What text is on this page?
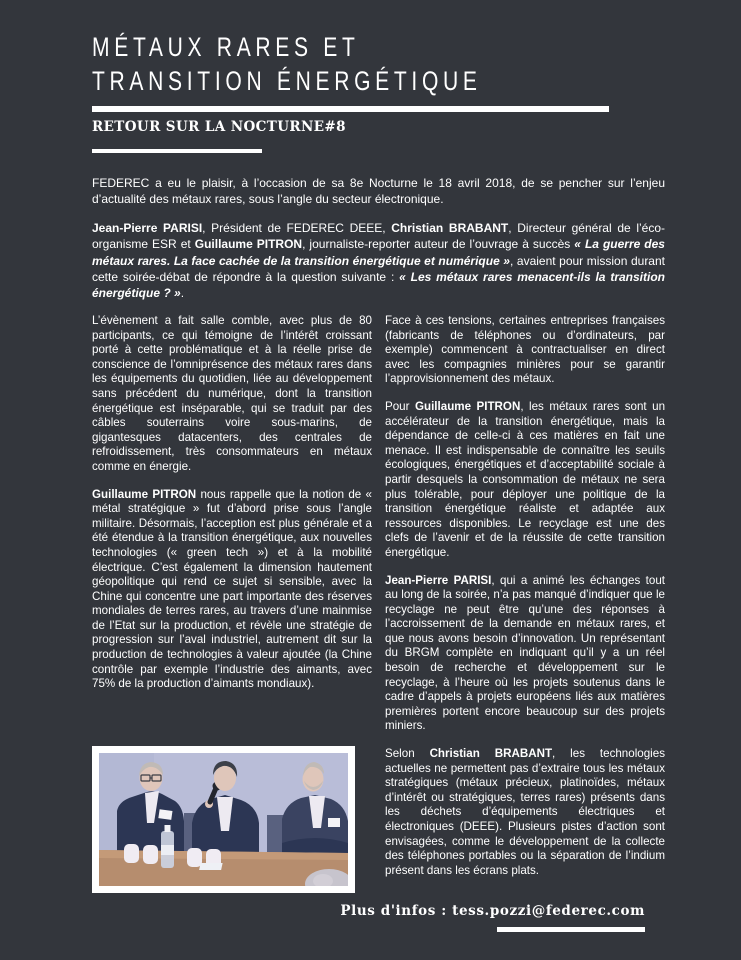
MÉTAUX RARES ET
TRANSITION ÉNERGÉTIQUE
RETOUR SUR LA NOCTURNE#8

FEDEREC a eu le plaisir, à l’occasion de sa 8e Nocturne le 18 avril 2018, de se pencher sur l’enjeu d’actualité des métaux rares, sous l’angle du secteur électronique.

Jean-Pierre PARISI, Président de FEDEREC DEEE, Christian BRABANT, Directeur général de l’éco-organisme ESR et Guillaume PITRON, journaliste-reporter auteur de l’ouvrage à succès « La guerre des métaux rares. La face cachée de la transition énergétique et numérique », avaient pour mission durant cette soirée-débat de répondre à la question suivante : « Les métaux rares menacent-ils la transition énergétique ? ».

L’évènement a fait salle comble, avec plus de 80 participants, ce qui témoigne de l’intérêt croissant porté à cette problématique et à la réelle prise de conscience de l’omniprésence des métaux rares dans les équipements du quotidien, liée au développement sans précédent du numérique, dont la transition énergétique est inséparable, qui se traduit par des câbles souterrains voire sous-marins, de gigantesques datacenters, des centrales de refroidissement, très consommateurs en métaux comme en énergie.

Guillaume PITRON nous rappelle que la notion de « métal stratégique » fut d’abord prise sous l’angle militaire. Désormais, l’acception est plus générale et a été étendue à la transition énergétique, aux nouvelles technologies (« green tech ») et à la mobilité électrique. C’est également la dimension hautement géopolitique qui rend ce sujet si sensible, avec la Chine qui concentre une part importante des réserves mondiales de terres rares, au travers d’une mainmise de l’Etat sur la production, et révèle une stratégie de progression sur l’aval industriel, autrement dit sur la production de technologies à valeur ajoutée (la Chine contrôle par exemple l’industrie des aimants, avec 75% de la production d’aimants mondiaux).

Face à ces tensions, certaines entreprises françaises (fabricants de téléphones ou d’ordinateurs, par exemple) commencent à contractualiser en direct avec les compagnies minières pour se garantir l’approvisionnement des métaux.

Pour Guillaume PITRON, les métaux rares sont un accélérateur de la transition énergétique, mais la dépendance de celle-ci à ces matières en fait une menace. Il est indispensable de connaître les seuils écologiques, énergétiques et d’acceptabilité sociale à partir desquels la consommation de métaux ne sera plus tolérable, pour déployer une politique de la transition énergétique réaliste et adaptée aux ressources disponibles. Le recyclage est une des clefs de l’avenir et de la réussite de cette transition énergétique.

Jean-Pierre PARISI, qui a animé les échanges tout au long de la soirée, n’a pas manqué d’indiquer que le recyclage ne peut être qu’une des réponses à l’accroissement de la demande en métaux rares, et que nous avons besoin d’innovation. Un représentant du BRGM complète en indiquant qu’il y a un réel besoin de recherche et développement sur le recyclage, à l’heure où les projets soutenus dans le cadre d’appels à projets européens liés aux matières premières portent encore beaucoup sur des projets miniers.

Selon Christian BRABANT, les technologies actuelles ne permettent pas d’extraire tous les métaux stratégiques (métaux précieux, platinoïdes, métaux d’intérêt ou stratégiques, terres rares) présents dans les déchets d’équipements électriques et électroniques (DEEE). Plusieurs pistes d’action sont envisagées, comme le développement de la collecte des téléphones portables ou la séparation de l’indium présent dans les écrans plats.

Plus d'infos : tess.pozzi@federec.com
